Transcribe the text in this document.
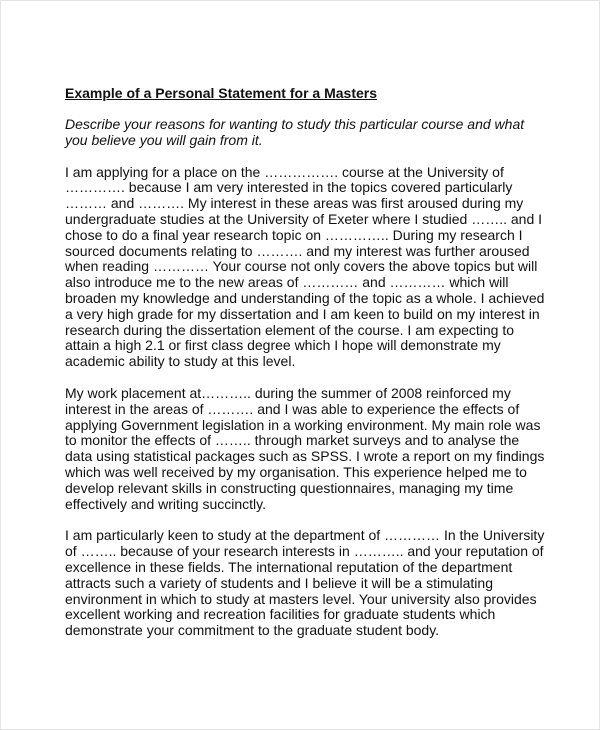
Example of a Personal Statement for a Masters
Describe your reasons for wanting to study this particular course and what
you believe you will gain from it.
I am applying for a place on the ……………. course at the University of
…………. because I am very interested in the topics covered particularly
……… and ………. My interest in these areas was first aroused during my
undergraduate studies at the University of Exeter where I studied …….. and I
chose to do a final year research topic on ………….. During my research I
sourced documents relating to ………. and my interest was further aroused
when reading ………… Your course not only covers the above topics but will
also introduce me to the new areas of ………… and ………… which will
broaden my knowledge and understanding of the topic as a whole. I achieved
a very high grade for my dissertation and I am keen to build on my interest in
research during the dissertation element of the course. I am expecting to
attain a high 2.1 or first class degree which I hope will demonstrate my
academic ability to study at this level.
My work placement at……….. during the summer of 2008 reinforced my
interest in the areas of ………. and I was able to experience the effects of
applying Government legislation in a working environment. My main role was
to monitor the effects of …….. through market surveys and to analyse the
data using statistical packages such as SPSS. I wrote a report on my findings
which was well received by my organisation. This experience helped me to
develop relevant skills in constructing questionnaires, managing my time
effectively and writing succinctly.
I am particularly keen to study at the department of ………… In the University
of …….. because of your research interests in ……….. and your reputation of
excellence in these fields. The international reputation of the department
attracts such a variety of students and I believe it will be a stimulating
environment in which to study at masters level. Your university also provides
excellent working and recreation facilities for graduate students which
demonstrate your commitment to the graduate student body.
